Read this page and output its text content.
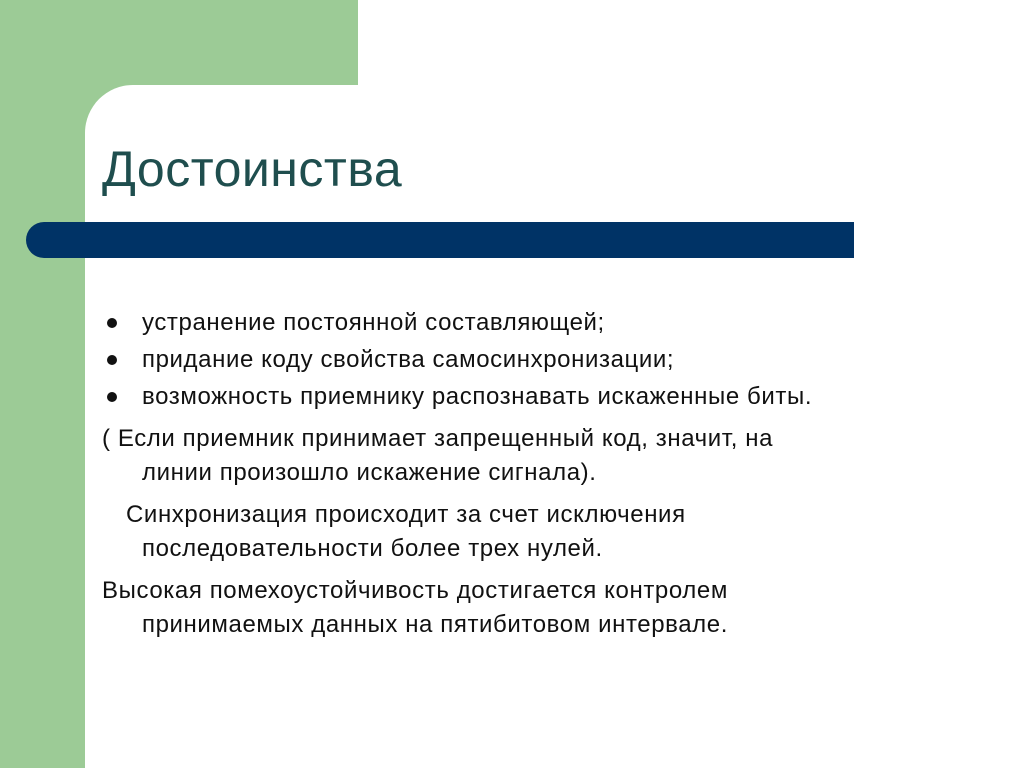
Достоинства
устранение постоянной составляющей;
придание коду свойства самосинхронизации;
возможность приемнику распознавать искаженные биты.
( Если приемник принимает запрещенный код, значит, на
линии произошло искажение сигнала).
Синхронизация происходит за счет исключения
последовательности более трех нулей.
Высокая помехоустойчивость достигается контролем
принимаемых данных на пятибитовом интервале.
